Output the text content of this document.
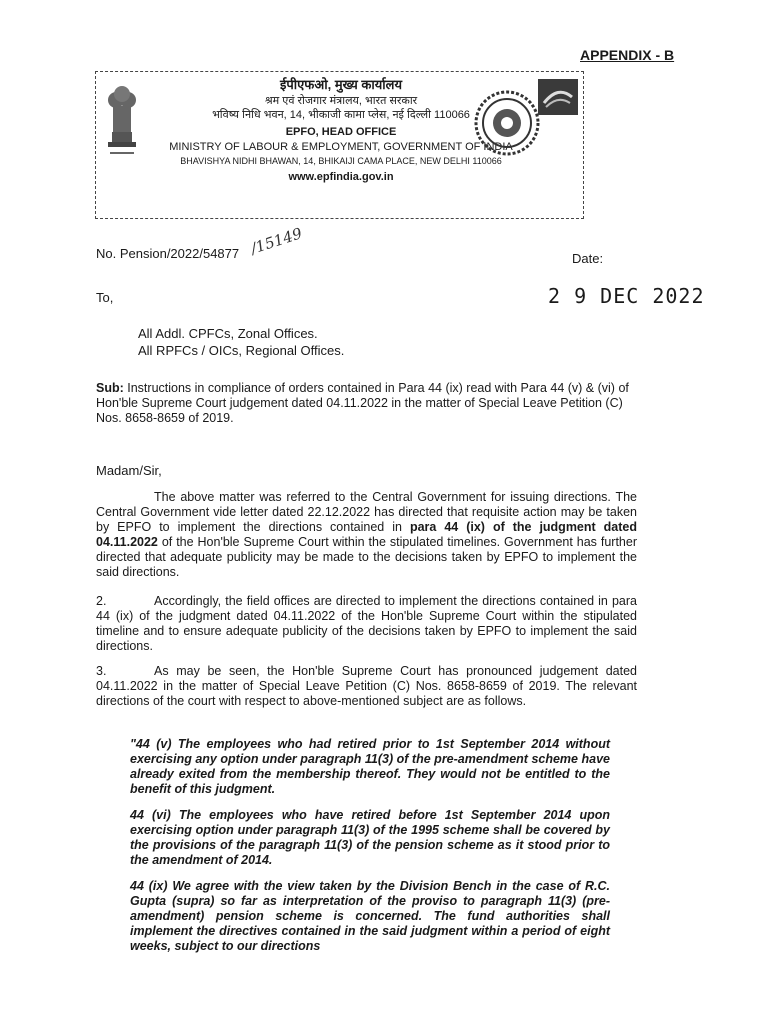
APPENDIX - B
ईपीएफओ, मुख्य कार्यालय
श्रम एवं रोजगार मंत्रालय, भारत सरकार
भविष्य निधि भवन, 14, भीकाजी कामा प्लेस, नई दिल्ली 110066
EPFO, HEAD OFFICE
MINISTRY OF LABOUR & EMPLOYMENT, GOVERNMENT OF INDIA
BHAVISHYA NIDHI BHAWAN, 14, BHIKAIJI CAMA PLACE, NEW DELHI 110066
www.epfindia.gov.in
No. Pension/2022/54877 /15149
Date:
2 9 DEC 2022
To,
All Addl. CPFCs, Zonal Offices.
All RPFCs / OICs, Regional Offices.
Sub: Instructions in compliance of orders contained in Para 44 (ix) read with Para 44 (v) & (vi) of Hon'ble Supreme Court judgement dated 04.11.2022 in the matter of Special Leave Petition (C) Nos. 8658-8659 of 2019.
Madam/Sir,
The above matter was referred to the Central Government for issuing directions. The Central Government vide letter dated 22.12.2022 has directed that requisite action may be taken by EPFO to implement the directions contained in para 44 (ix) of the judgment dated 04.11.2022 of the Hon'ble Supreme Court within the stipulated timelines. Government has further directed that adequate publicity may be made to the decisions taken by EPFO to implement the said directions.
2.	Accordingly, the field offices are directed to implement the directions contained in para 44 (ix) of the judgment dated 04.11.2022 of the Hon'ble Supreme Court within the stipulated timeline and to ensure adequate publicity of the decisions taken by EPFO to implement the said directions.
3.	As may be seen, the Hon'ble Supreme Court has pronounced judgement dated 04.11.2022 in the matter of Special Leave Petition (C) Nos. 8658-8659 of 2019. The relevant directions of the court with respect to above-mentioned subject are as follows.
"44 (v) The employees who had retired prior to 1st September 2014 without exercising any option under paragraph 11(3) of the pre-amendment scheme have already exited from the membership thereof. They would not be entitled to the benefit of this judgment.
44 (vi) The employees who have retired before 1st September 2014 upon exercising option under paragraph 11(3) of the 1995 scheme shall be covered by the provisions of the paragraph 11(3) of the pension scheme as it stood prior to the amendment of 2014.
44 (ix) We agree with the view taken by the Division Bench in the case of R.C. Gupta (supra) so far as interpretation of the proviso to paragraph 11(3) (pre-amendment) pension scheme is concerned. The fund authorities shall implement the directives contained in the said judgment within a period of eight weeks, subject to our directions
